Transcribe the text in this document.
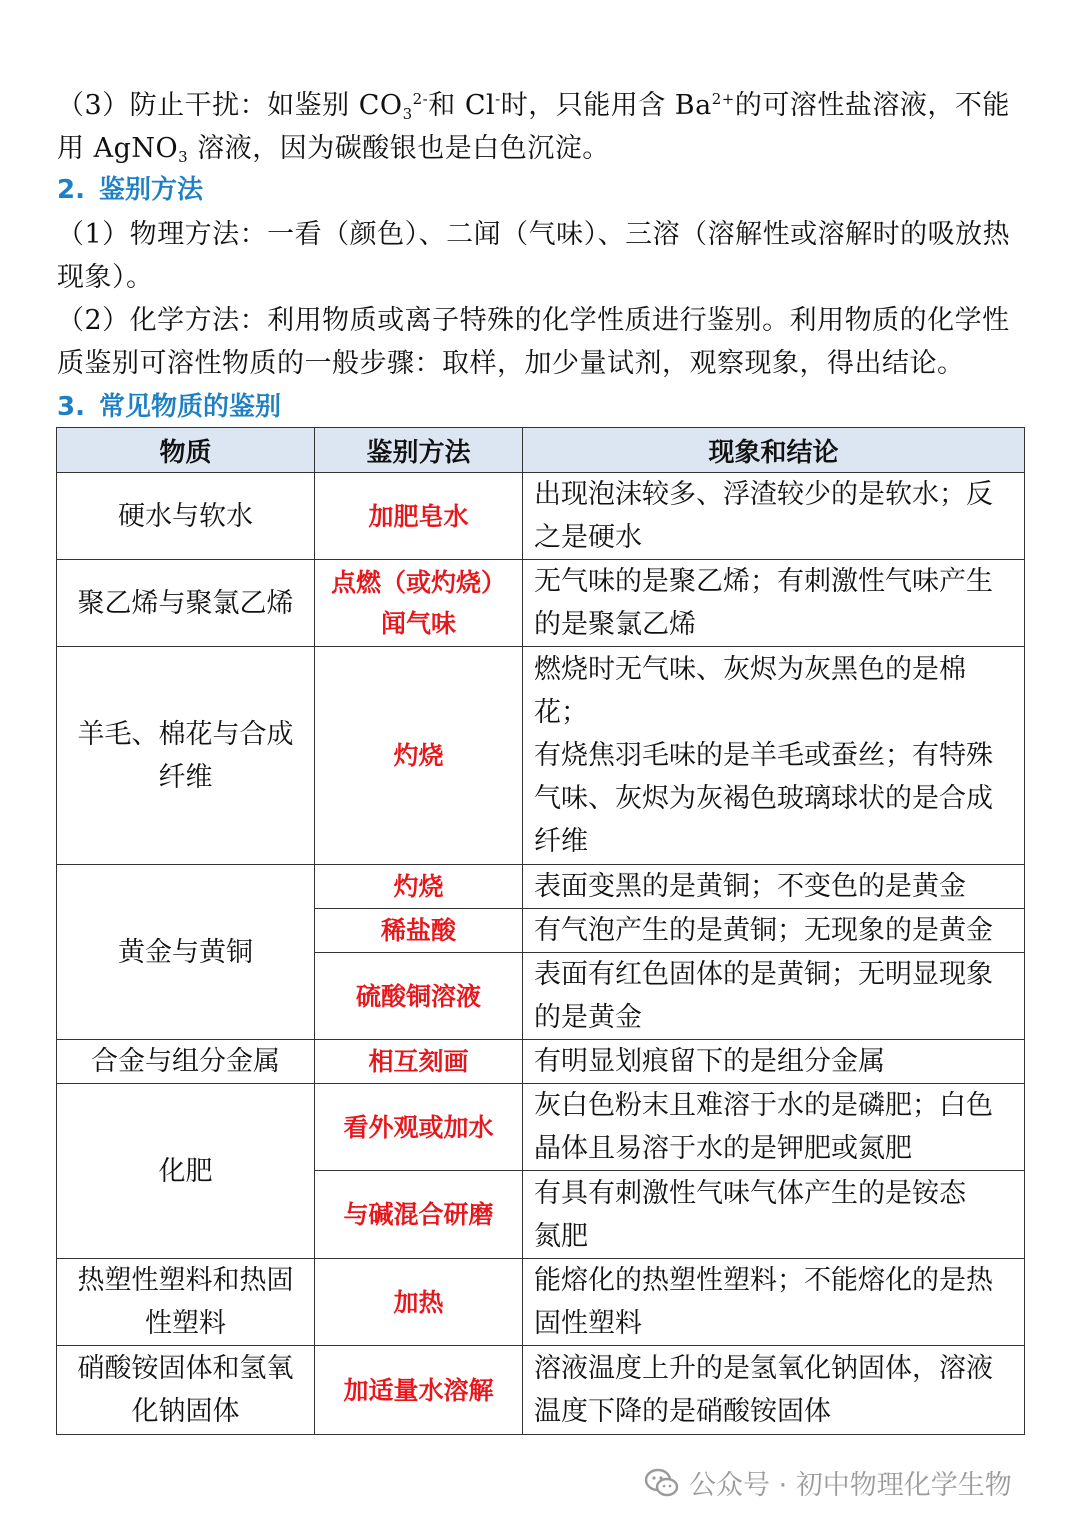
（3）防止干扰：如鉴别 $CO_3^{2-}$和 Cl-时，只能用含 $Ba^{2+}$的可溶性盐溶液，不能
用 AgNO$_3$ 溶液，因为碳酸银也是白色沉淀。
2. 鉴别方法
（1）物理方法：一看（颜色）、二闻（气味）、三溶（溶解性或溶解时的吸放热现象）。
（2）化学方法：利用物质或离子特殊的化学性质进行鉴别。利用物质的化学性质鉴别可溶性物质的一般步骤：取样，加少量试剂，观察现象，得出结论。
3. 常见物质的鉴别
物质	鉴别方法	现象和结论

硬水与软水	加肥皂水	出现泡沫较多、浮渣较少的是软水；反
之是硬水

聚乙烯与聚氯乙烯	点燃（或灼烧）
闻气味	无气味的是聚乙烯；有刺激性气味产生
的是聚氯乙烯

羊毛、棉花与合成
纤维	灼烧	燃烧时无气味、灰烬为灰黑色的是棉
花；
有烧焦羽毛味的是羊毛或蚕丝；有特殊
气味、灰烬为灰褐色玻璃球状的是合成
纤维

黄金与黄铜	灼烧	表面变黑的是黄铜；不变色的是黄金

	稀盐酸	有气泡产生的是黄铜；无现象的是黄金

	硫酸铜溶液	表面有红色固体的是黄铜；无明显现象
的是黄金

合金与组分金属	相互刻画	有明显划痕留下的是组分金属

化肥	看外观或加水	灰白色粉末且难溶于水的是磷肥；白色
晶体且易溶于水的是钾肥或氮肥

	与碱混合研磨	有具有刺激性气味气体产生的是铵态
氮肥

热塑性塑料和热固
性塑料	加热	能熔化的热塑性塑料；不能熔化的是热
固性塑料

硝酸铵固体和氢氧
化钠固体	加适量水溶解	溶液温度上升的是氢氧化钠固体，溶液
温度下降的是硝酸铵固体
公众号 · 初中物理化学生物
